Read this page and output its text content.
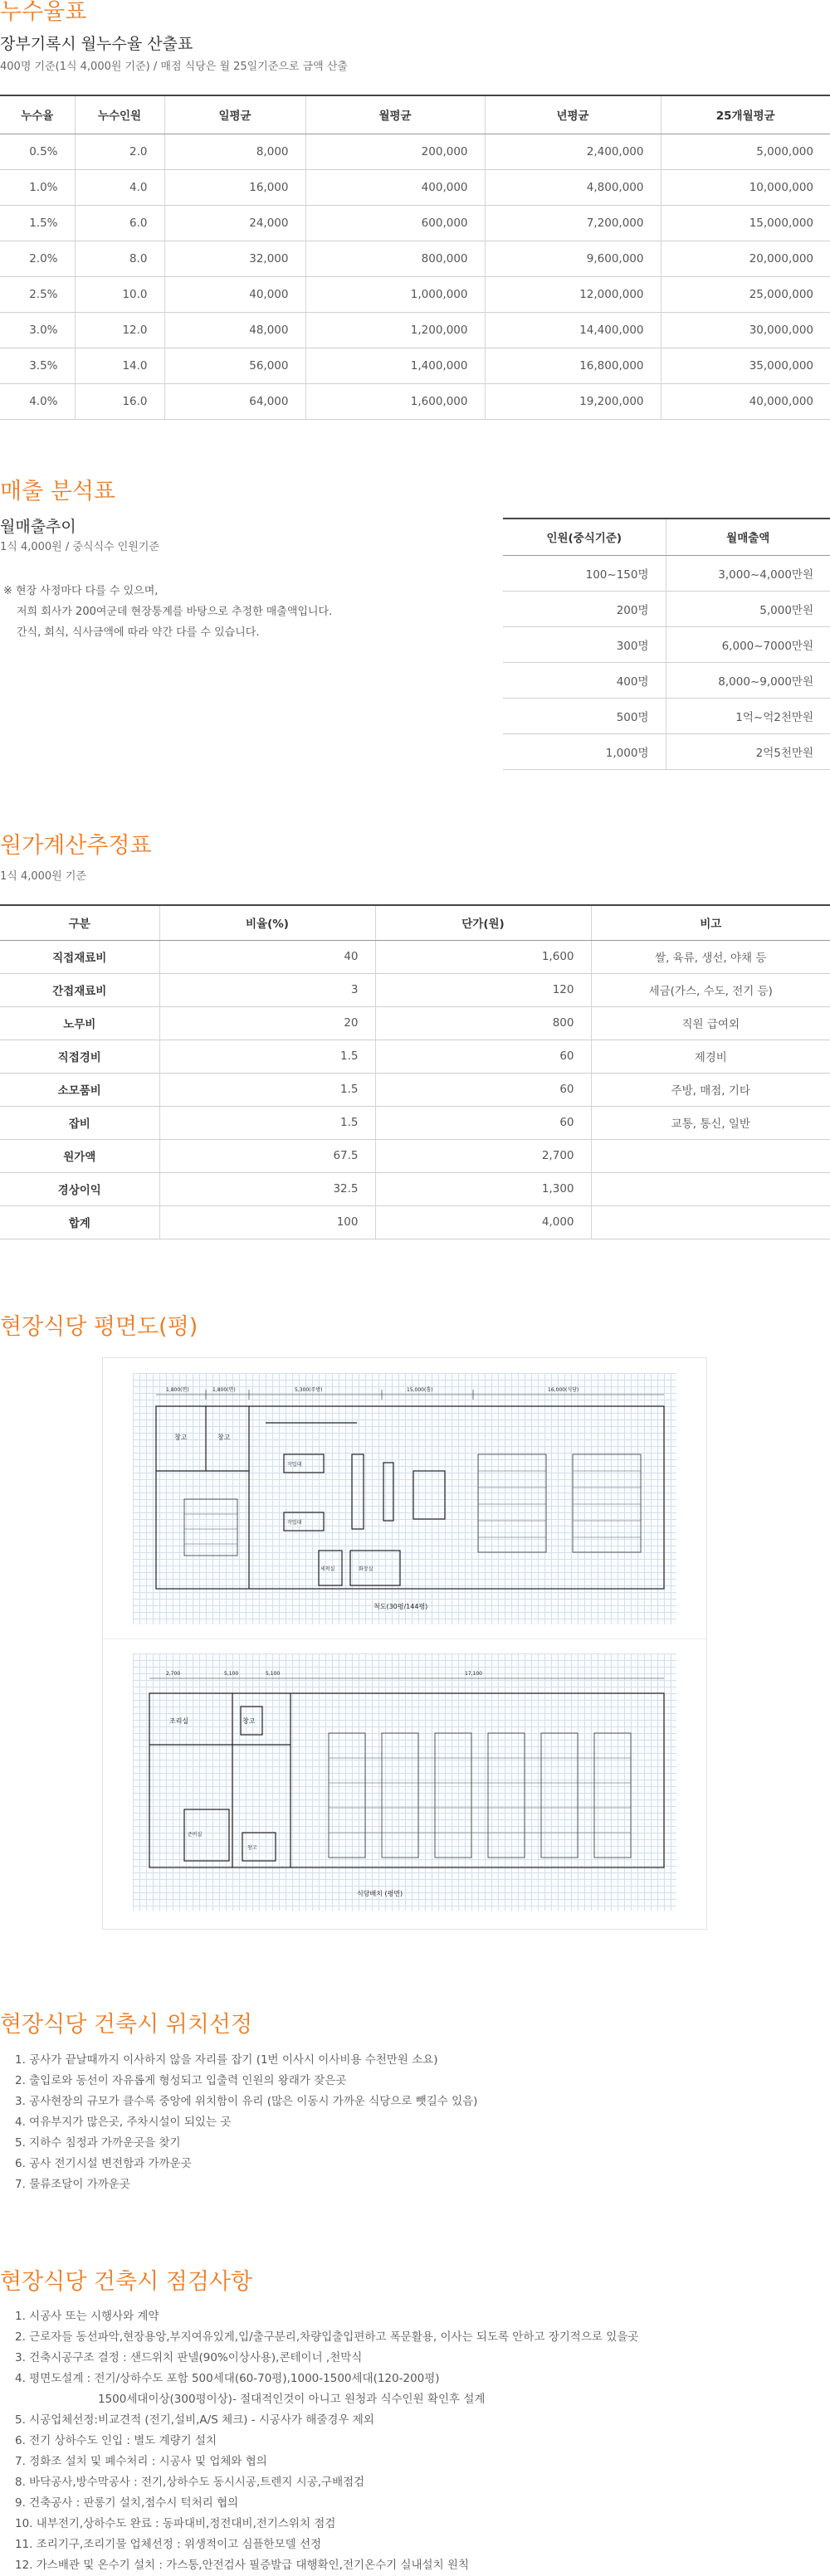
누수율표
장부기록시 월누수율 산출표
400명 기준(1식 4,000원 기준) / 매점 식당은 월 25일기준으로 금액 산출
누수율	누수인원	일평균	월평균	년평균	25개월평균
0.5%	2.0	8,000	200,000	2,400,000	5,000,000
1.0%	4.0	16,000	400,000	4,800,000	10,000,000
1.5%	6.0	24,000	600,000	7,200,000	15,000,000
2.0%	8.0	32,000	800,000	9,600,000	20,000,000
2.5%	10.0	40,000	1,000,000	12,000,000	25,000,000
3.0%	12.0	48,000	1,200,000	14,400,000	30,000,000
3.5%	14.0	56,000	1,400,000	16,800,000	35,000,000
4.0%	16.0	64,000	1,600,000	19,200,000	40,000,000
매출 분석표
월매출추이
1식 4,000원 / 중식식수 인원기준
※ 현장 사정마다 다를 수 있으며,
저희 회사가 200여군데 현장통계를 바탕으로 추정한 매출액입니다.
간식, 회식, 식사금액에 따라 약간 다를 수 있습니다.
인원(중식기준)	월매출액
100~150명	3,000~4,000만원
200명	5,000만원
300명	6,000~7000만원
400명	8,000~9,000만원
500명	1억~억2천만원
1,000명	2억5천만원
원가계산추정표
1식 4,000원 기준
구분	비율(%)	단가(원)	비고
직접재료비	40	1,600	쌀, 육류, 생선, 야채 등
간접재료비	3	120	세금(가스, 수도, 전기 등)
노무비	20	800	직원 급여외
직접경비	1.5	60	제경비
소모품비	1.5	60	주방, 매점, 기타
잡비	1.5	60	교통, 통신, 일반
원가액	67.5	2,700	
경상이익	32.5	1,300	
합계	100	4,000	
현장식당 평면도(평)
1,800(면)	1,800(면)	5,300(주방)	15,000(홀)	16,000(식당)
창고	창고
작업대
작업대
세척실	화장실
척도(30평/144평)
2,700	5,100	5,100	17,100
조리실	창고
준비실
창고
식당배치 (평면)
현장식당 건축시 위치선정
1. 공사가 끝날때까지 이사하지 않을 자리를 잡기 (1번 이사시 이사비용 수천만원 소요)
2. 출입로와 동선이 자유롭게 형성되고 입출력 인원의 왕래가 잦은곳
3. 공사현장의 규모가 클수록 중앙에 위치함이 유리 (많은 이동시 가까운 식당으로 뺏길수 있음)
4. 여유부지가 많은곳, 주차시설이 되있는 곳
5. 지하수 침정과 가까운곳을 찾기
6. 공사 전기시설 변전함과 가까운곳
7. 물류조달이 가까운곳
현장식당 건축시 점검사항
1. 시공사 또는 시행사와 계약
2. 근로자들 동선파악,현장용앙,부지여유있게,입/출구분리,차량입출입편하고 폭문활용, 이사는 되도록 안하고 장기적으로 있을곳
3. 건축시공구조 결정 : 샌드위치 판넬(90%이상사용),콘테이너 ,천막식
4. 평면도설계 : 전기/상하수도 포함 500세대(60-70평),1000-1500세대(120-200평)
1500세대이상(300평이상)- 절대적인것이 아니고 원청과 식수인원 확인후 설계
5. 시공업체선정:비교견적 (전기,설비,A/S 체크) - 시공사가 해줄경우 제외
6. 전기 상하수도 인입 : 별도 계량기 설치
7. 정화조 설치 및 폐수처리 : 시공사 및 업체와 협의
8. 바닥공사,방수막공사 : 전기,상하수도 동시시공,트렌지 시공,구배점검
9. 건축공사 : 판롱기 설치,점수시 턱처리 협의
10. 내부전기,상하수도 완료 : 동파대비,정전대비,전기스위치 점검
11. 조리기구,조리기물 업체선정 : 위생적이고 심플한모델 선정
12. 가스배관 및 온수기 설치 : 가스통,안전검사 필증발급 대행확인,전기온수기 실내설치 원칙
